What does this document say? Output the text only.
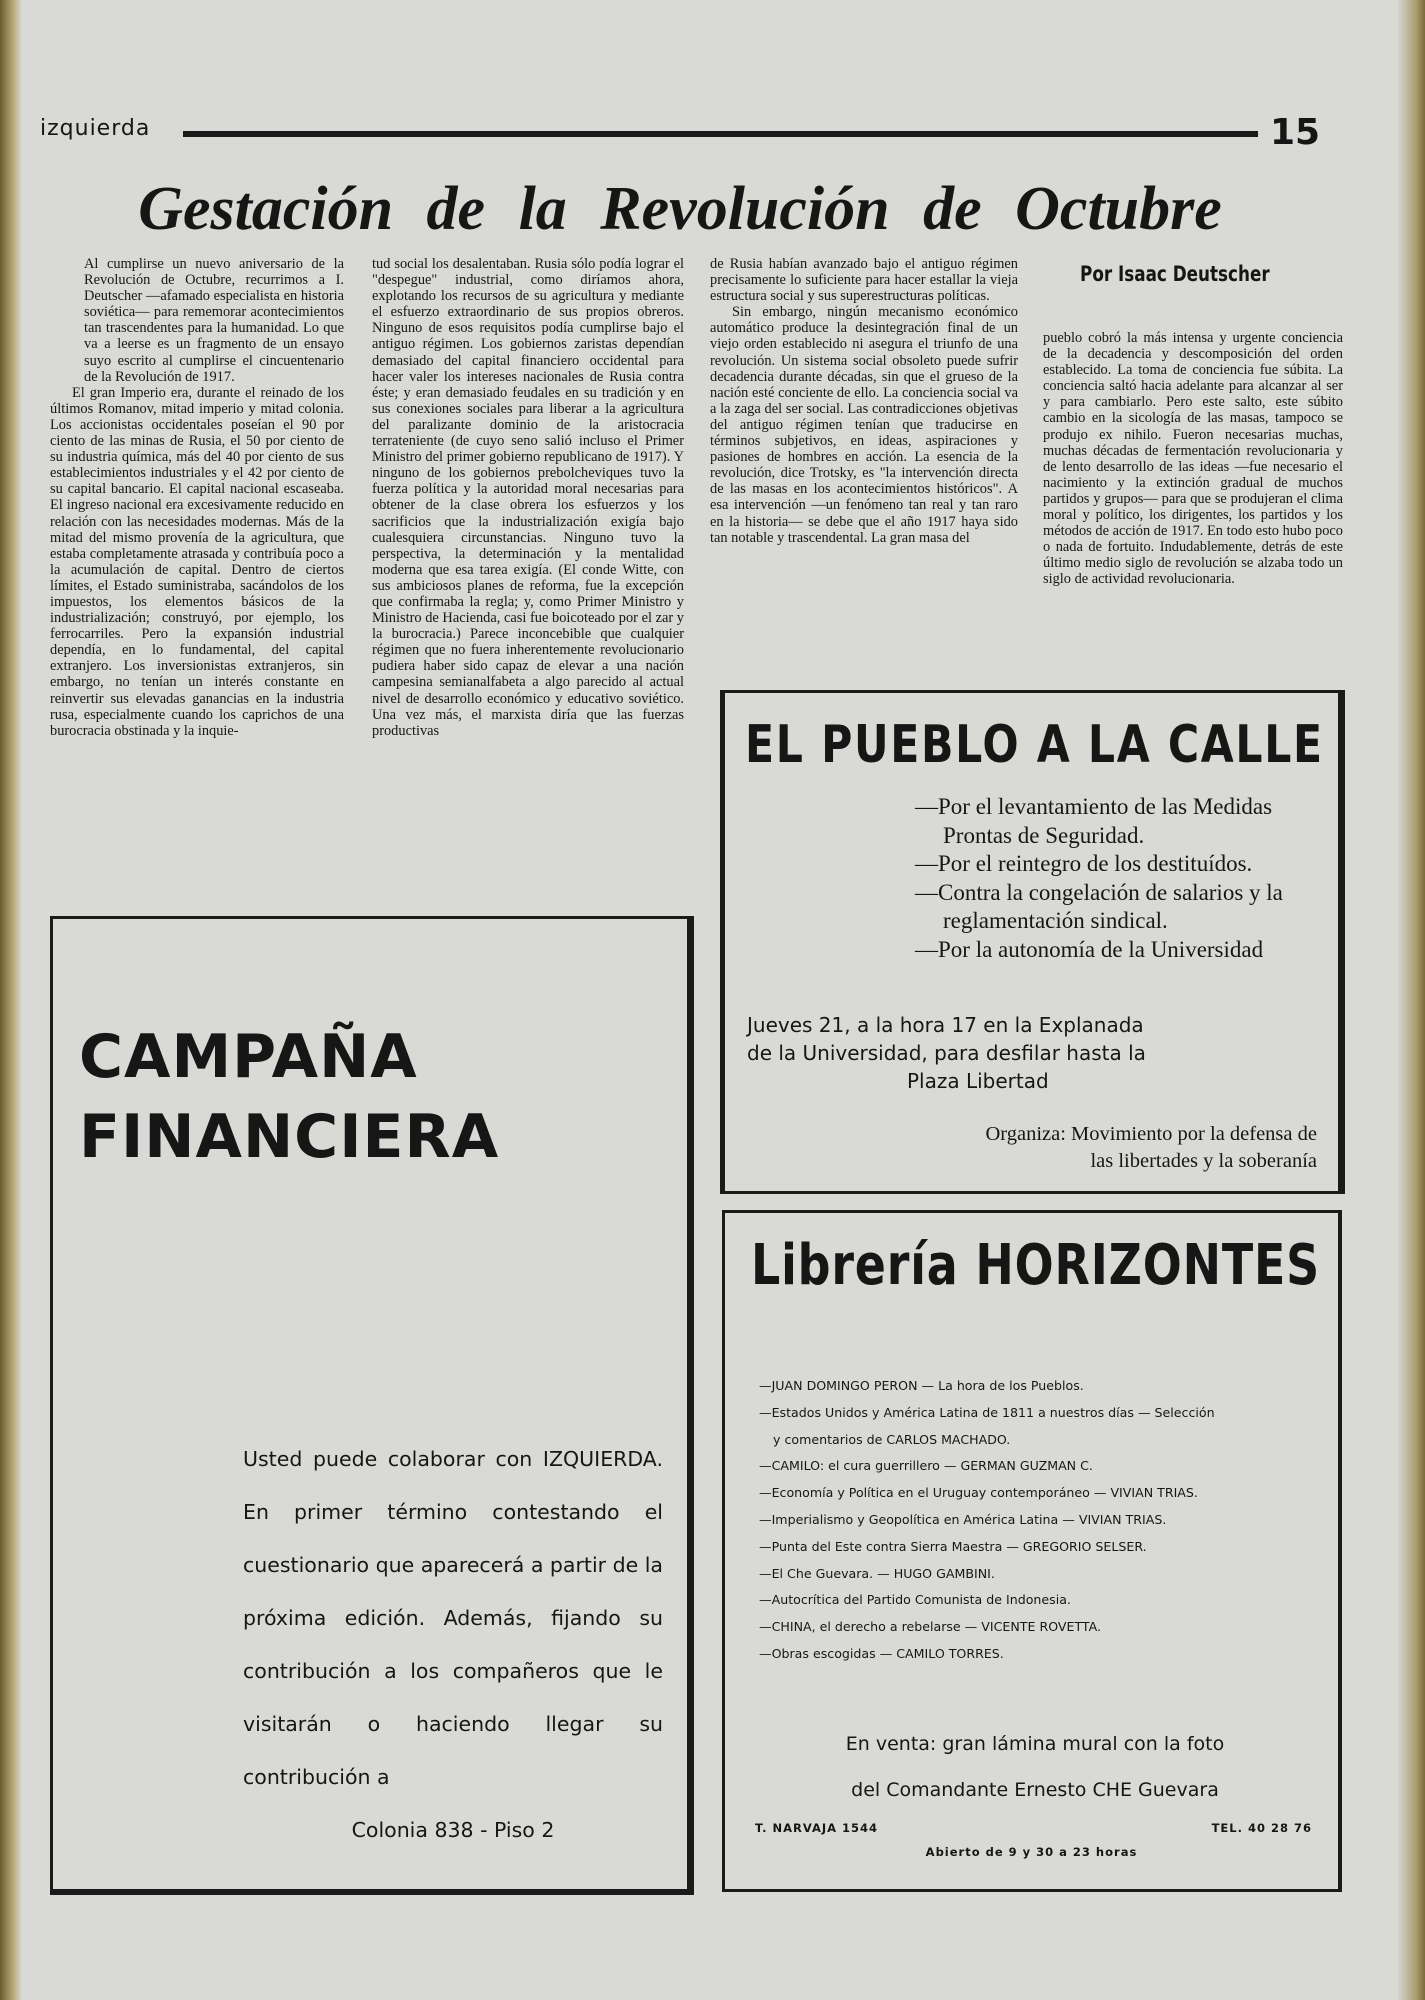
izquierda	15
Gestación de la Revolución de Octubre
Por Isaac Deutscher

Al cumplirse un nuevo aniversario de la Revolución de Octubre, recurrimos a I. Deutscher —afamado especialista en historia soviética— para rememorar acontecimientos tan trascendentes para la humanidad. Lo que va a leerse es un fragmento de un ensayo suyo escrito al cumplirse el cincuentenario de la Revolución de 1917.

El gran Imperio era, durante el reinado de los últimos Romanov, mitad imperio y mitad colonia. Los accionistas occidentales poseían el 90 por ciento de las minas de Rusia, el 50 por ciento de su industria química, más del 40 por ciento de sus establecimientos industriales y el 42 por ciento de su capital bancario. El capital nacional escaseaba. El ingreso nacional era excesivamente reducido en relación con las necesidades modernas. Más de la mitad del mismo provenía de la agricultura, que estaba completamente atrasada y contribuía poco a la acumulación de capital. Dentro de ciertos límites, el Estado suministraba, sacándolos de los impuestos, los elementos básicos de la industrialización; construyó, por ejemplo, los ferrocarriles. Pero la expansión industrial dependía, en lo fundamental, del capital extranjero. Los inversionistas extranjeros, sin embargo, no tenían un interés constante en reinvertir sus elevadas ganancias en la industria rusa, especialmente cuando los caprichos de una burocracia obstinada y la inquie-

tud social los desalentaban. Rusia sólo podía lograr el "despegue" industrial, como diríamos ahora, explotando los recursos de su agricultura y mediante el esfuerzo extraordinario de sus propios obreros. Ninguno de esos requisitos podía cumplirse bajo el antiguo régimen. Los gobiernos zaristas dependían demasiado del capital financiero occidental para hacer valer los intereses nacionales de Rusia contra éste; y eran demasiado feudales en su tradición y en sus conexiones sociales para liberar a la agricultura del paralizante dominio de la aristocracia terrateniente (de cuyo seno salió incluso el Primer Ministro del primer gobierno republicano de 1917). Y ninguno de los gobiernos prebolcheviques tuvo la fuerza política y la autoridad moral necesarias para obtener de la clase obrera los esfuerzos y los sacrificios que la industrialización exigía bajo cualesquiera circunstancias. Ninguno tuvo la perspectiva, la determinación y la mentalidad moderna que esa tarea exigía. (El conde Witte, con sus ambiciosos planes de reforma, fue la excepción que confirmaba la regla; y, como Primer Ministro y Ministro de Hacienda, casi fue boicoteado por el zar y la burocracia.) Parece inconcebible que cualquier régimen que no fuera inherentemente revolucionario pudiera haber sido capaz de elevar a una nación campesina semianalfabeta a algo parecido al actual nivel de desarrollo económico y educativo soviético. Una vez más, el marxista diría que las fuerzas productivas

de Rusia habían avanzado bajo el antiguo régimen precisamente lo suficiente para hacer estallar la vieja estructura social y sus superestructuras políticas.

Sin embargo, ningún mecanismo económico automático produce la desintegración final de un viejo orden establecido ni asegura el triunfo de una revolución. Un sistema social obsoleto puede sufrir decadencia durante décadas, sin que el grueso de la nación esté conciente de ello. La conciencia social va a la zaga del ser social. Las contradicciones objetivas del antiguo régimen tenían que traducirse en términos subjetivos, en ideas, aspiraciones y pasiones de hombres en acción. La esencia de la revolución, dice Trotsky, es "la intervención directa de las masas en los acontecimientos históricos". A esa intervención —un fenómeno tan real y tan raro en la historia— se debe que el año 1917 haya sido tan notable y trascendental. La gran masa del

pueblo cobró la más intensa y urgente conciencia de la decadencia y descomposición del orden establecido. La toma de conciencia fue súbita. La conciencia saltó hacia adelante para alcanzar al ser y para cambiarlo. Pero este salto, este súbito cambio en la sicología de las masas, tampoco se produjo ex nihilo. Fueron necesarias muchas, muchas décadas de fermentación revolucionaria y de lento desarrollo de las ideas —fue necesario el nacimiento y la extinción gradual de muchos partidos y grupos— para que se produjeran el clima moral y político, los dirigentes, los partidos y los métodos de acción de 1917. En todo esto hubo poco o nada de fortuito. Indudablemente, detrás de este último medio siglo de revolución se alzaba todo un siglo de actividad revolucionaria.

CAMPAÑA
FINANCIERA
Usted puede colaborar con IZQUIERDA. En primer término contestando el cuestionario que aparecerá a partir de la próxima edición. Además, fijando su contribución a los compañeros que le visitarán o haciendo llegar su contribución a
Colonia 838 - Piso 2
EL PUEBLO A LA CALLE
—Por el levantamiento de las Medidas Prontas de Seguridad.
—Por el reintegro de los destituídos.
—Contra la congelación de salarios y la reglamentación sindical.
—Por la autonomía de la Universidad
Jueves 21, a la hora 17 en la Explanada
de la Universidad, para desfilar hasta la
Plaza Libertad
Organiza: Movimiento por la defensa de
las libertades y la soberanía
Librería HORIZONTES
—JUAN DOMINGO PERON — La hora de los Pueblos.
—Estados Unidos y América Latina de 1811 a nuestros días — Selección
y comentarios de CARLOS MACHADO.
—CAMILO: el cura guerrillero — GERMAN GUZMAN C.
—Economía y Política en el Uruguay contemporáneo — VIVIAN TRIAS.
—Imperialismo y Geopolítica en América Latina — VIVIAN TRIAS.
—Punta del Este contra Sierra Maestra — GREGORIO SELSER.
—El Che Guevara. — HUGO GAMBINI.
—Autocrítica del Partido Comunista de Indonesia.
—CHINA, el derecho a rebelarse — VICENTE ROVETTA.
—Obras escogidas — CAMILO TORRES.
En venta: gran lámina mural con la foto
del Comandante Ernesto CHE Guevara
T. NARVAJA 1544	TEL. 40 28 76
Abierto de 9 y 30 a 23 horas
